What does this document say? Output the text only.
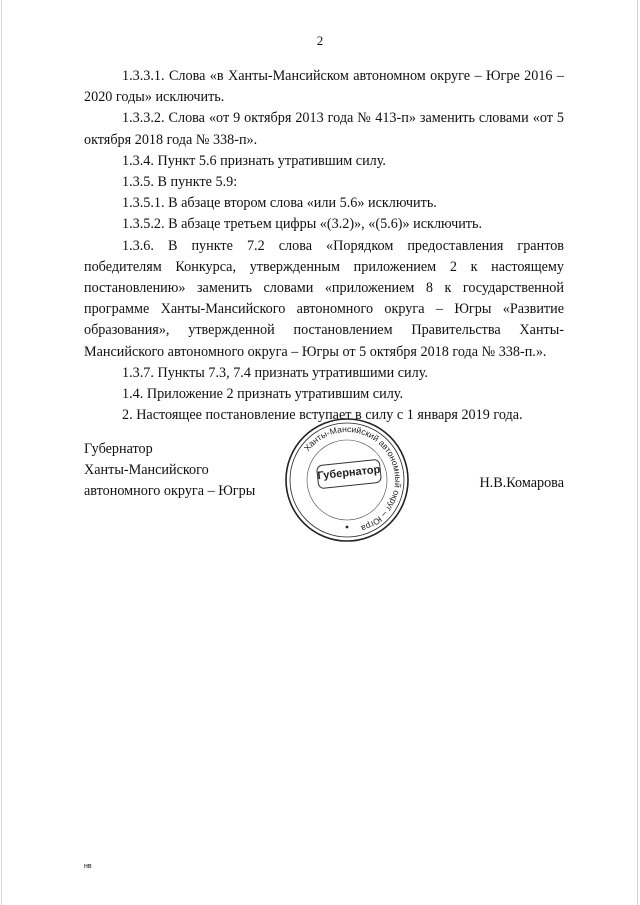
2

1.3.3.1. Слова «в Ханты-Мансийском автономном округе – Югре 2016 – 2020 годы» исключить.

1.3.3.2. Слова «от 9 октября 2013 года № 413-п» заменить словами «от 5 октября 2018 года № 338-п».

1.3.4. Пункт 5.6 признать утратившим силу.

1.3.5. В пункте 5.9:

1.3.5.1. В абзаце втором слова «или 5.6» исключить.

1.3.5.2. В абзаце третьем цифры «(3.2)», «(5.6)» исключить.

1.3.6. В пункте 7.2 слова «Порядком предоставления грантов победителям Конкурса, утвержденным приложением 2 к настоящему постановлению» заменить словами «приложением 8 к государственной программе Ханты-Мансийского автономного округа – Югры «Развитие образования», утвержденной постановлением Правительства Ханты-Мансийского автономного округа – Югры от 5 октября 2018 года № 338-п.».

1.3.7. Пункты 7.3, 7.4 признать утратившими силу.

1.4. Приложение 2 признать утратившим силу.

2. Настоящее постановление вступает в силу с 1 января 2019 года.

Губернатор
Ханты-Мансийского
автономного округа – Югры
Ханты-Мансийский автономный округ – Югра
Губернатор
Н.В.Комарова
нв
